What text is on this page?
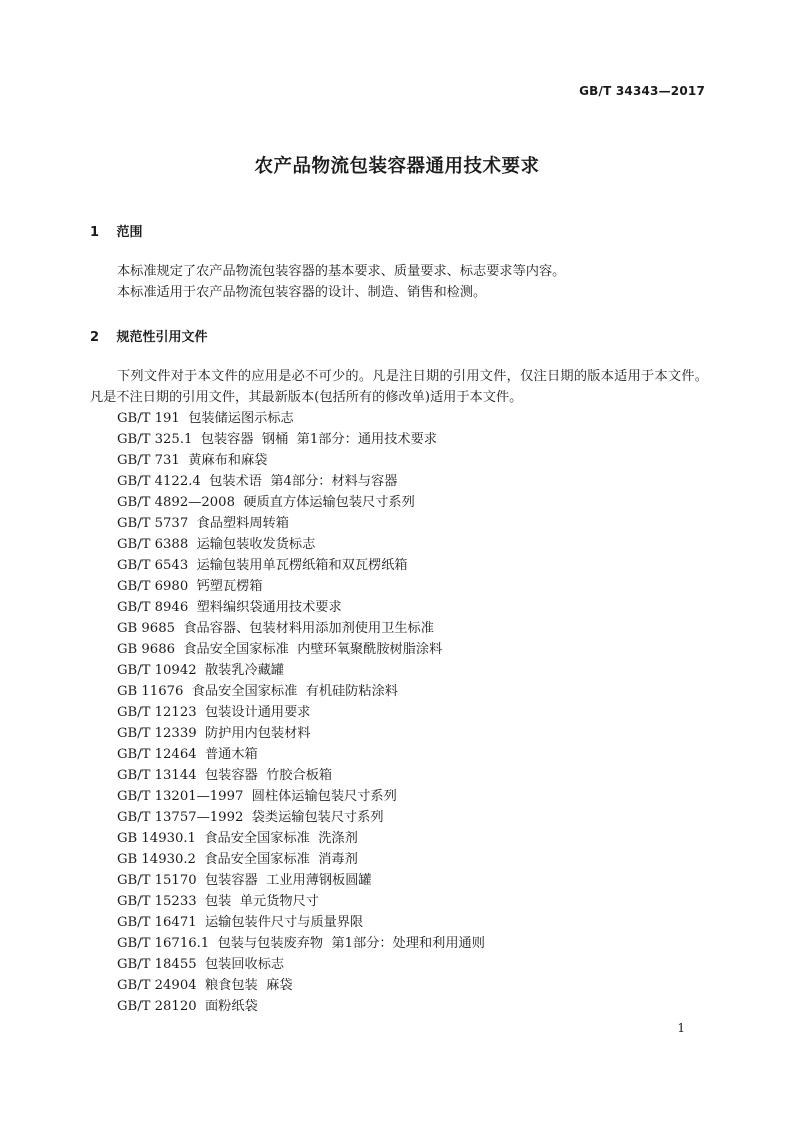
GB/T 34343—2017
农产品物流包装容器通用技术要求
1 范围

本标准规定了农产品物流包装容器的基本要求、质量要求、标志要求等内容。

本标准适用于农产品物流包装容器的设计、制造、销售和检测。

2 规范性引用文件

下列文件对于本文件的应用是必不可少的。凡是注日期的引用文件，仅注日期的版本适用于本文件。凡是不注日期的引用文件，其最新版本(包括所有的修改单)适用于本文件。

GB/T 191  包装储运图示标志
GB/T 325.1  包装容器  钢桶  第1部分：通用技术要求
GB/T 731  黄麻布和麻袋
GB/T 4122.4  包装术语  第4部分：材料与容器
GB/T 4892—2008  硬质直方体运输包装尺寸系列
GB/T 5737  食品塑料周转箱
GB/T 6388  运输包装收发货标志
GB/T 6543  运输包装用单瓦楞纸箱和双瓦楞纸箱
GB/T 6980  钙塑瓦楞箱
GB/T 8946  塑料编织袋通用技术要求
GB 9685  食品容器、包装材料用添加剂使用卫生标准
GB 9686  食品安全国家标准  内壁环氧聚酰胺树脂涂料
GB/T 10942  散装乳冷藏罐
GB 11676  食品安全国家标准  有机硅防粘涂料
GB/T 12123  包装设计通用要求
GB/T 12339  防护用内包装材料
GB/T 12464  普通木箱
GB/T 13144  包装容器  竹胶合板箱
GB/T 13201—1997  圆柱体运输包装尺寸系列
GB/T 13757—1992  袋类运输包装尺寸系列
GB 14930.1  食品安全国家标准  洗涤剂
GB 14930.2  食品安全国家标准  消毒剂
GB/T 15170  包装容器  工业用薄钢板圆罐
GB/T 15233  包装  单元货物尺寸
GB/T 16471  运输包装件尺寸与质量界限
GB/T 16716.1  包装与包装废弃物  第1部分：处理和利用通则
GB/T 18455  包装回收标志
GB/T 24904  粮食包装  麻袋
GB/T 28120  面粉纸袋
1
